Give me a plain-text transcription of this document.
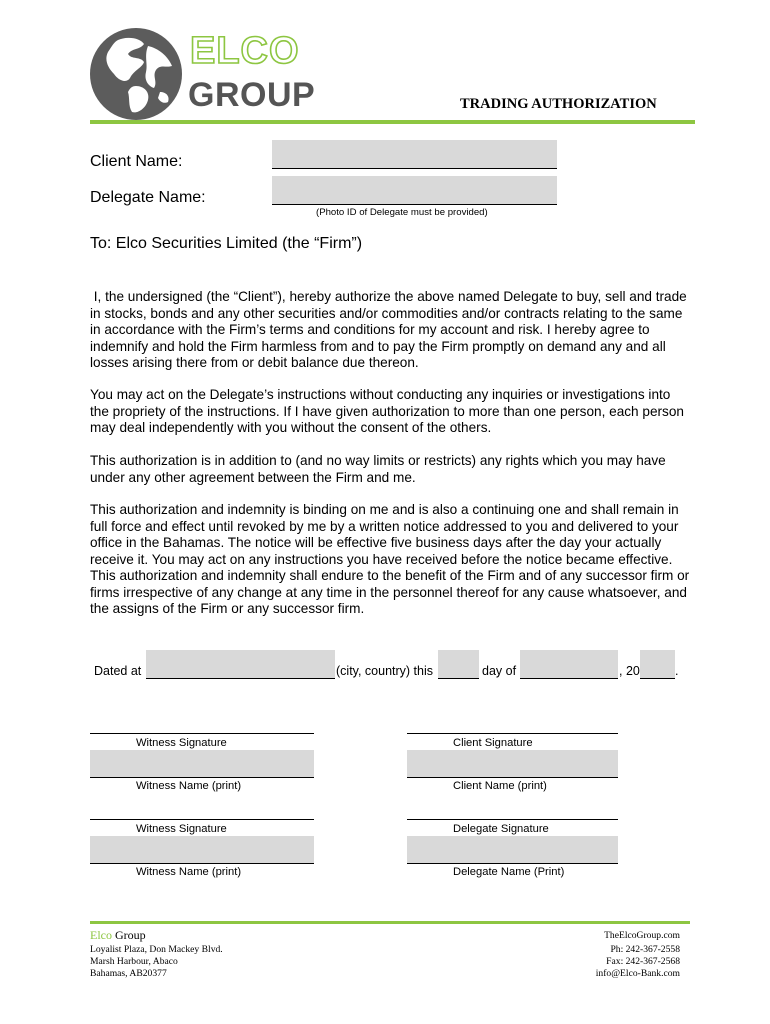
ELCO
GROUP	TRADING AUTHORIZATION
Client Name:
Delegate Name:
(Photo ID of Delegate must be provided)
To: Elco Securities Limited (the “Firm”)

I, the undersigned (the “Client”), hereby authorize the above named Delegate to buy, sell and trade in stocks, bonds and any other securities and/or commodities and/or contracts relating to the same in accordance with the Firm’s terms and conditions for my account and risk. I hereby agree to indemnify and hold the Firm harmless from and to pay the Firm promptly on demand any and all losses arising there from or debit balance due thereon.

You may act on the Delegate’s instructions without conducting any inquiries or investigations into the propriety of the instructions. If I have given authorization to more than one person, each person may deal independently with you without the consent of the others.

This authorization is in addition to (and no way limits or restricts) any rights which you may have under any other agreement between the Firm and me.

This authorization and indemnity is binding on me and is also a continuing one and shall remain in full force and effect until revoked by me by a written notice addressed to you and delivered to your office in the Bahamas. The notice will be effective five business days after the day your actually receive it. You may act on any instructions you have received before the notice became effective. This authorization and indemnity shall endure to the benefit of the Firm and of any successor firm or firms irrespective of any change at any time in the personnel thereof for any cause whatsoever, and the assigns of the Firm or any successor firm.

Dated at	(city, country) this	day of	, 20	.
Witness Signature	Client Signature
Witness Name (print)	Client Name (print)
Witness Signature	Delegate Signature
Witness Name (print)	Delegate Name (Print)
Elco Group
Loyalist Plaza, Don Mackey Blvd.
Marsh Harbour, Abaco
Bahamas, AB20377
TheElcoGroup.com
Ph: 242-367-2558
Fax: 242-367-2568
info@Elco-Bank.com
